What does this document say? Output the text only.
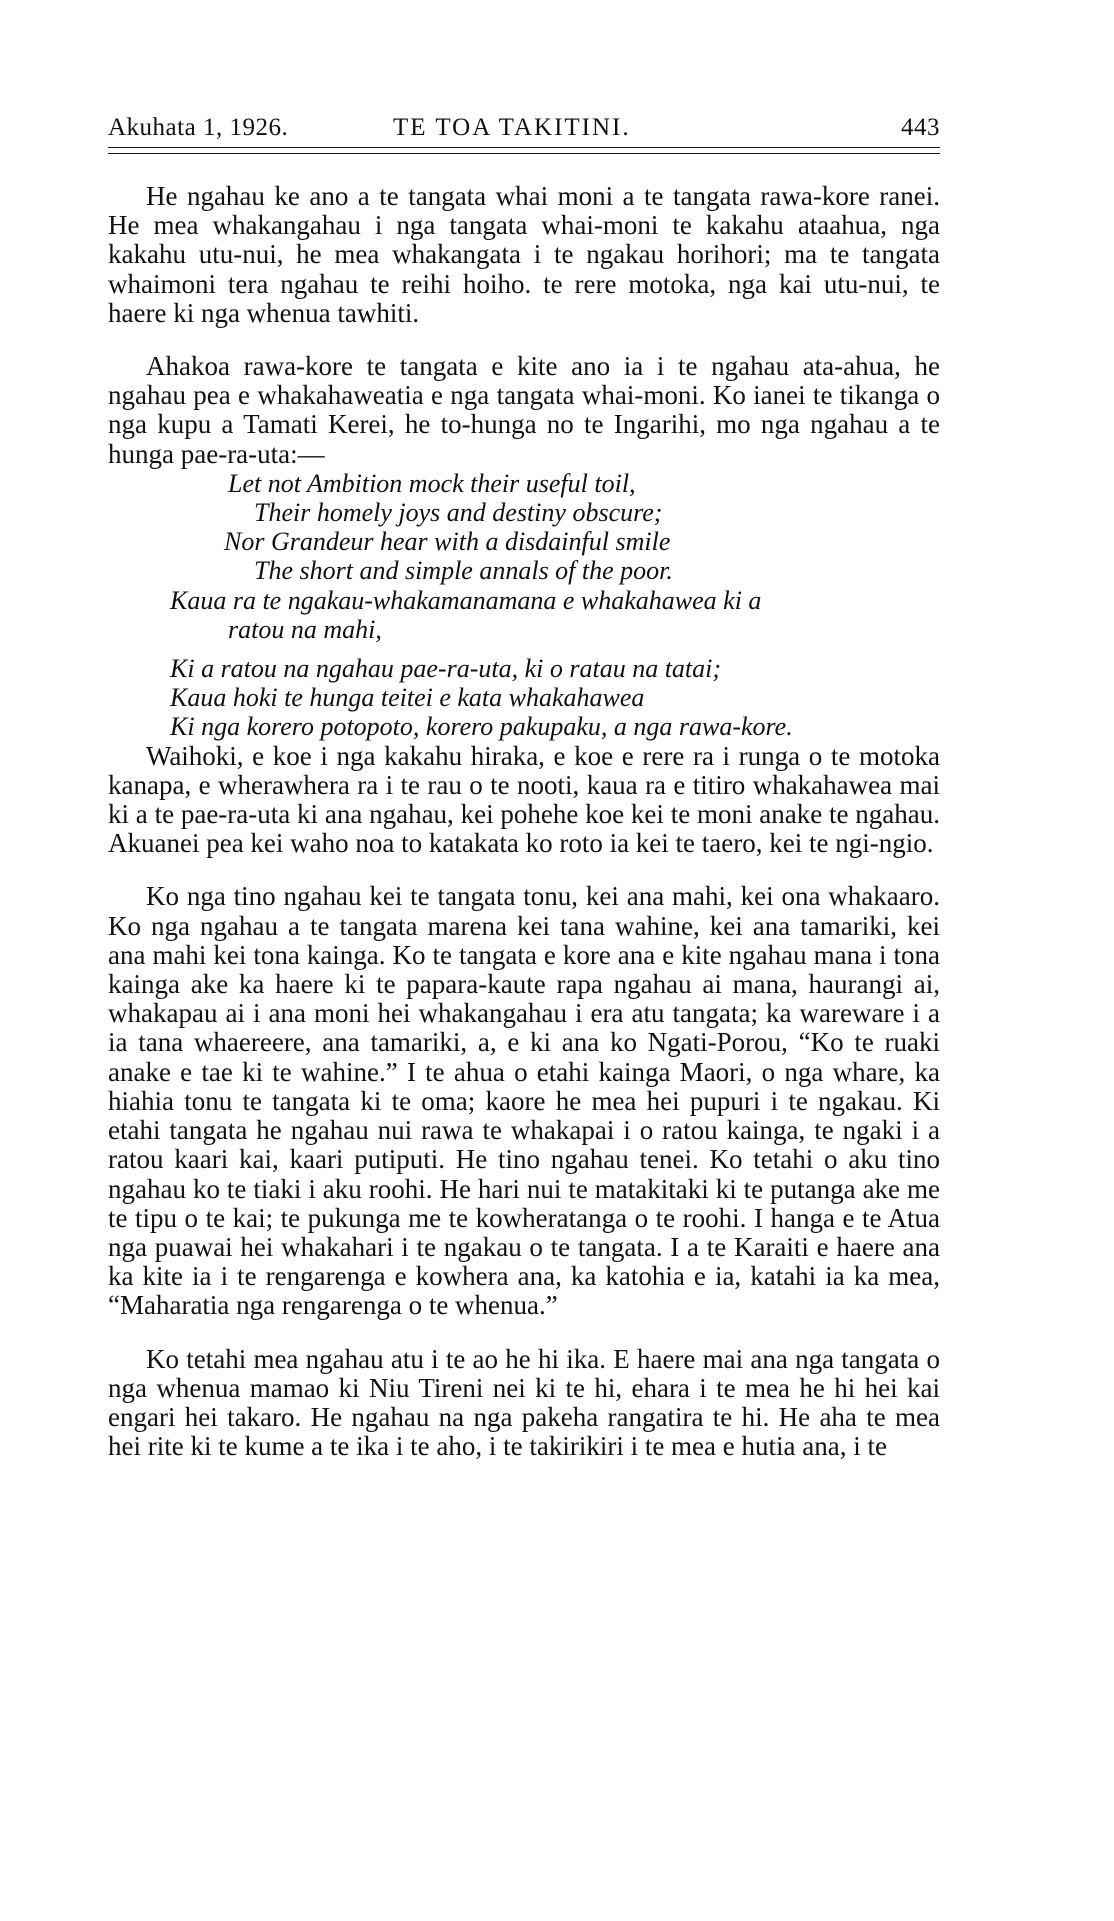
Akuhata 1, 1926.	TE TOA TAKITINI.	443

He ngahau ke ano a te tangata whai moni a te tangata rawa-kore ranei. He mea whakangahau i nga tangata whai-moni te kakahu ataahua, nga kakahu utu-nui, he mea whakangata i te ngakau horihori; ma te tangata whaimoni tera ngahau te reihi hoiho. te rere motoka, nga kai utu-nui, te haere ki nga whenua tawhiti.

Ahakoa rawa-kore te tangata e kite ano ia i te ngahau ata-ahua, he ngahau pea e whakahaweatia e nga tangata whai-moni. Ko ianei te tikanga o nga kupu a Tamati Kerei, he to-hunga no te Ingarihi, mo nga ngahau a te hunga pae-ra-uta:—

Let not Ambition mock their useful toil,

Their homely joys and destiny obscure;

Nor Grandeur hear with a disdainful smile

The short and simple annals of the poor.

Kaua ra te ngakau-whakamanamana e whakahawea ki a

ratou na mahi,

Ki a ratou na ngahau pae-ra-uta, ki o ratau na tatai;

Kaua hoki te hunga teitei e kata whakahawea

Ki nga korero potopoto, korero pakupaku, a nga rawa-kore.

Waihoki, e koe i nga kakahu hiraka, e koe e rere ra i runga o te motoka kanapa, e wherawhera ra i te rau o te nooti, kaua ra e titiro whakahawea mai ki a te pae-ra-uta ki ana ngahau, kei pohehe koe kei te moni anake te ngahau. Akuanei pea kei waho noa to katakata ko roto ia kei te taero, kei te ngi-ngio.

Ko nga tino ngahau kei te tangata tonu, kei ana mahi, kei ona whakaaro. Ko nga ngahau a te tangata marena kei tana wahine, kei ana tamariki, kei ana mahi kei tona kainga. Ko te tangata e kore ana e kite ngahau mana i tona kainga ake ka haere ki te papara-kaute rapa ngahau ai mana, haurangi ai, whakapau ai i ana moni hei whakangahau i era atu tangata; ka wareware i a ia tana whaereere, ana tamariki, a, e ki ana ko Ngati-Porou, “Ko te ruaki anake e tae ki te wahine.” I te ahua o etahi kainga Maori, o nga whare, ka hiahia tonu te tangata ki te oma; kaore he mea hei pupuri i te ngakau. Ki etahi tangata he ngahau nui rawa te whakapai i o ratou kainga, te ngaki i a ratou kaari kai, kaari putiputi. He tino ngahau tenei. Ko tetahi o aku tino ngahau ko te tiaki i aku roohi. He hari nui te matakitaki ki te putanga ake me te tipu o te kai; te pukunga me te kowheratanga o te roohi. I hanga e te Atua nga puawai hei whakahari i te ngakau o te tangata. I a te Karaiti e haere ana ka kite ia i te rengarenga e kowhera ana, ka katohia e ia, katahi ia ka mea, “Maharatia nga rengarenga o te whenua.”

Ko tetahi mea ngahau atu i te ao he hi ika. E haere mai ana nga tangata o nga whenua mamao ki Niu Tireni nei ki te hi, ehara i te mea he hi hei kai engari hei takaro. He ngahau na nga pakeha rangatira te hi. He aha te mea hei rite ki te kume a te ika i te aho, i te takirikiri i te mea e hutia ana, i te
